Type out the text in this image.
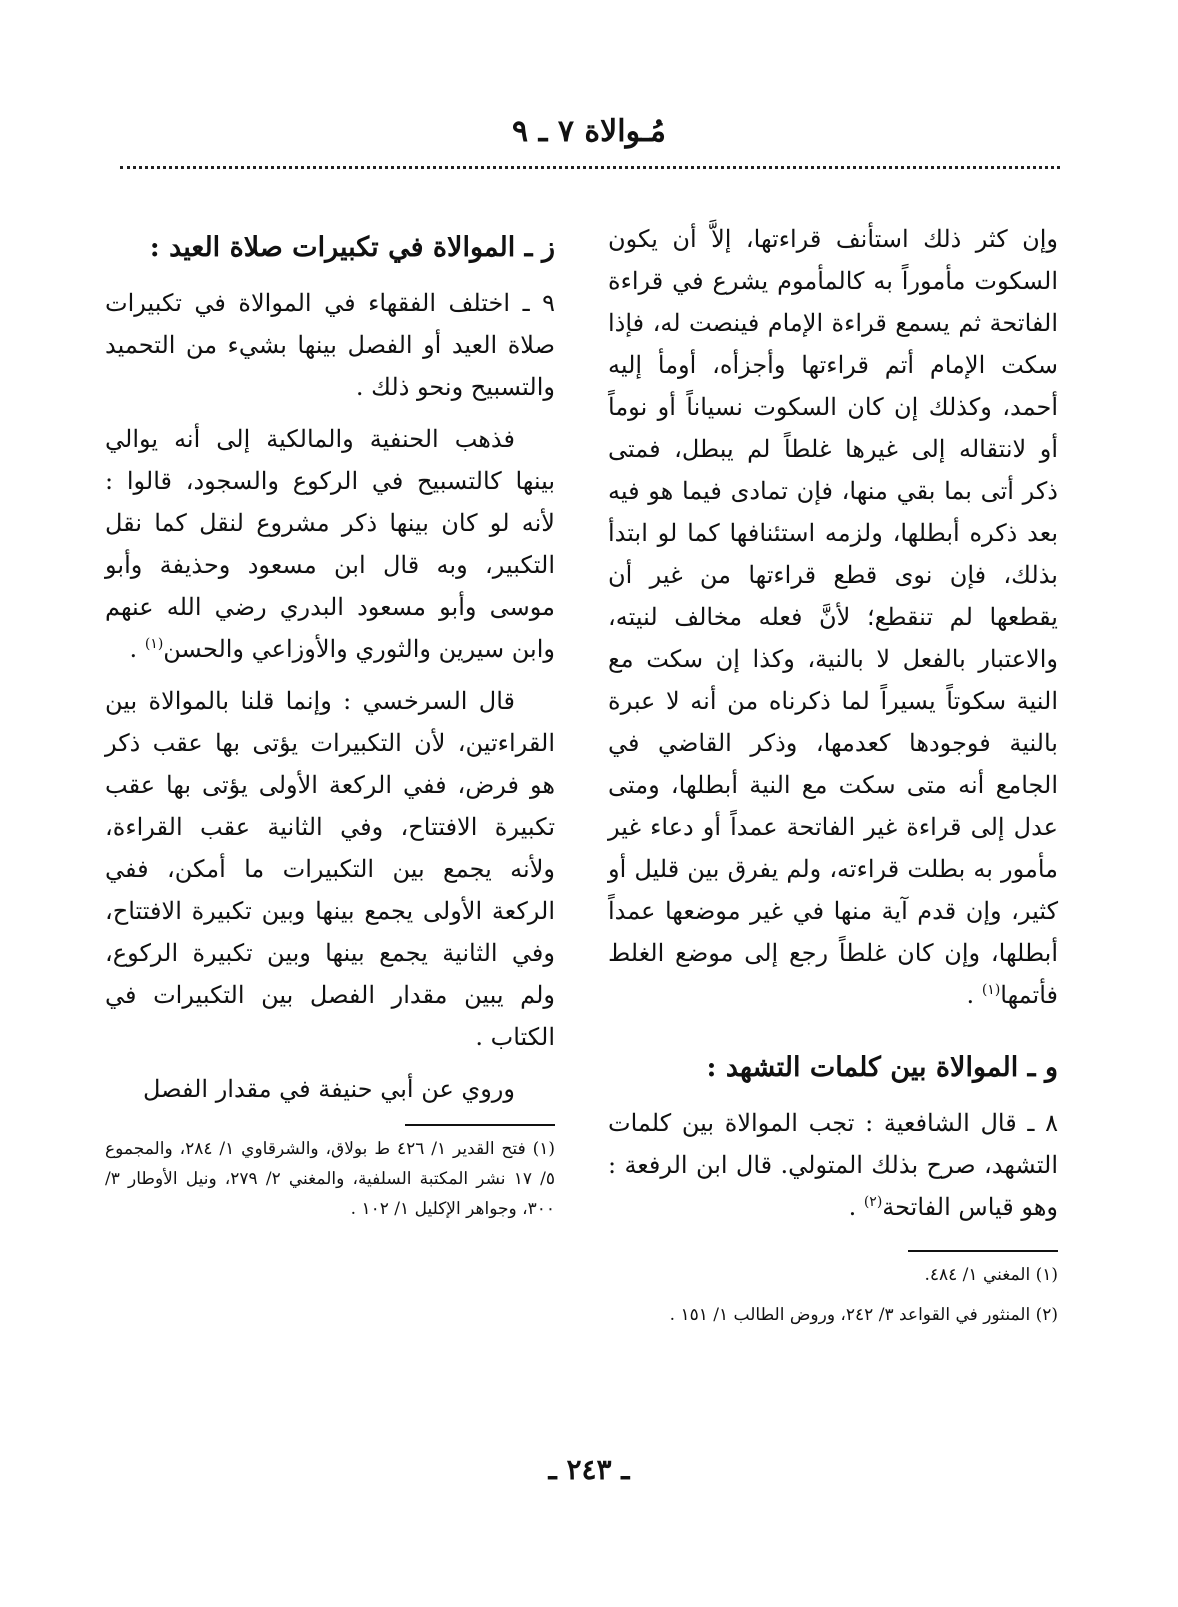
مُـوالاة ٧ ـ ٩

وإن كثر ذلك استأنف قراءتها، إلاَّ أن يكون السكوت مأموراً به كالمأموم يشرع في قراءة الفاتحة ثم يسمع قراءة الإمام فينصت له، فإذا سكت الإمام أتم قراءتها وأجزأه، أومأ إليه أحمد، وكذلك إن كان السكوت نسياناً أو نوماً أو لانتقاله إلى غيرها غلطاً لم يبطل، فمتى ذكر أتى بما بقي منها، فإن تمادى فيما هو فيه بعد ذكره أبطلها، ولزمه استئنافها كما لو ابتدأ بذلك، فإن نوى قطع قراءتها من غير أن يقطعها لم تنقطع؛ لأنَّ فعله مخالف لنيته، والاعتبار بالفعل لا بالنية، وكذا إن سكت مع النية سكوتاً يسيراً لما ذكرناه من أنه لا عبرة بالنية فوجودها كعدمها، وذكر القاضي في الجامع أنه متى سكت مع النية أبطلها، ومتى عدل إلى قراءة غير الفاتحة عمداً أو دعاء غير مأمور به بطلت قراءته، ولم يفرق بين قليل أو كثير، وإن قدم آية منها في غير موضعها عمداً أبطلها، وإن كان غلطاً رجع إلى موضع الغلط فأتمها$^{(١)}$ .

و ـ الموالاة بين كلمات التشهد :

٨ ـ قال الشافعية : تجب الموالاة بين كلمات التشهد، صرح بذلك المتولي. قال ابن الرفعة : وهو قياس الفاتحة$^{(٢)}$ .

(١) المغني ١/ ٤٨٤.

(٢) المنثور في القواعد ٣/ ٢٤٢، وروض الطالب ١/ ١٥١ .

ز ـ الموالاة في تكبيرات صلاة العيد :

٩ ـ اختلف الفقهاء في الموالاة في تكبيرات صلاة العيد أو الفصل بينها بشيء من التحميد والتسبيح ونحو ذلك .

فذهب الحنفية والمالكية إلى أنه يوالي بينها كالتسبيح في الركوع والسجود، قالوا : لأنه لو كان بينها ذكر مشروع لنقل كما نقل التكبير، وبه قال ابن مسعود وحذيفة وأبو موسى وأبو مسعود البدري رضي الله عنهم وابن سيرين والثوري والأوزاعي والحسن$^{(١)}$ .

قال السرخسي : وإنما قلنا بالموالاة بين القراءتين، لأن التكبيرات يؤتى بها عقب ذكر هو فرض، ففي الركعة الأولى يؤتى بها عقب تكبيرة الافتتاح، وفي الثانية عقب القراءة، ولأنه يجمع بين التكبيرات ما أمكن، ففي الركعة الأولى يجمع بينها وبين تكبيرة الافتتاح، وفي الثانية يجمع بينها وبين تكبيرة الركوع، ولم يبين مقدار الفصل بين التكبيرات في الكتاب .

وروي عن أبي حنيفة في مقدار الفصل

(١) فتح القدير ١/ ٤٢٦ ط بولاق، والشرقاوي ١/ ٢٨٤، والمجموع ٥/ ١٧ نشر المكتبة السلفية، والمغني ٢/ ٢٧٩، ونيل الأوطار ٣/ ٣٠٠، وجواهر الإكليل ١/ ١٠٢ .

ـ ٢٤٣ ـ
